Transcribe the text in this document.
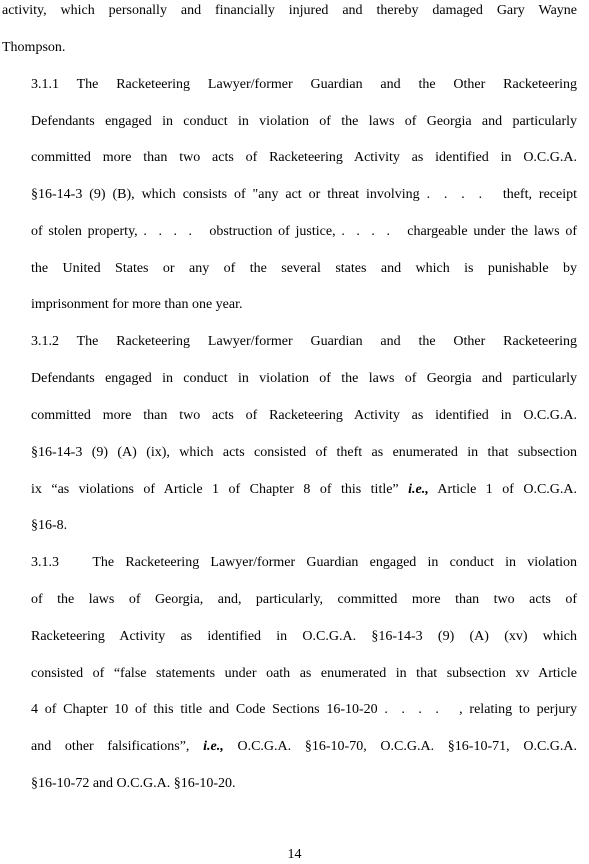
activity, which personally and financially injured and thereby damaged Gary Wayne
Thompson.
3.1.1 The Racketeering Lawyer/former Guardian and the Other Racketeering
Defendants engaged in conduct in violation of the laws of Georgia and particularly
committed more than two acts of Racketeering Activity as identified in O.C.G.A.
§16-14-3 (9) (B), which consists of "any act or threat involving .  .  .  .   theft, receipt
of stolen property, .  .  .  .   obstruction of justice, .  .  .  .   chargeable under the laws of
the United States or any of the several states and which is punishable by
imprisonment for more than one year.
3.1.2 The Racketeering Lawyer/former Guardian and the Other Racketeering
Defendants engaged in conduct in violation of the laws of Georgia and particularly
committed more than two acts of Racketeering Activity as identified in O.C.G.A.
§16-14-3 (9) (A) (ix), which acts consisted of theft as enumerated in that subsection
ix “as violations of Article 1 of Chapter 8 of this title” i.e., Article 1 of O.C.G.A.
§16-8.
3.1.3   The Racketeering Lawyer/former Guardian engaged in conduct in violation
of the laws of Georgia, and, particularly, committed more than two acts of
Racketeering Activity as identified in O.C.G.A. §16-14-3 (9) (A) (xv) which
consisted of “false statements under oath as enumerated in that subsection xv Article
4 of Chapter 10 of this title and Code Sections 16-10-20 .  .  .  .   , relating to perjury
and other falsifications”, i.e., O.C.G.A. §16-10-70, O.C.G.A. §16-10-71, O.C.G.A.
§16-10-72 and O.C.G.A. §16-10-20.
14
